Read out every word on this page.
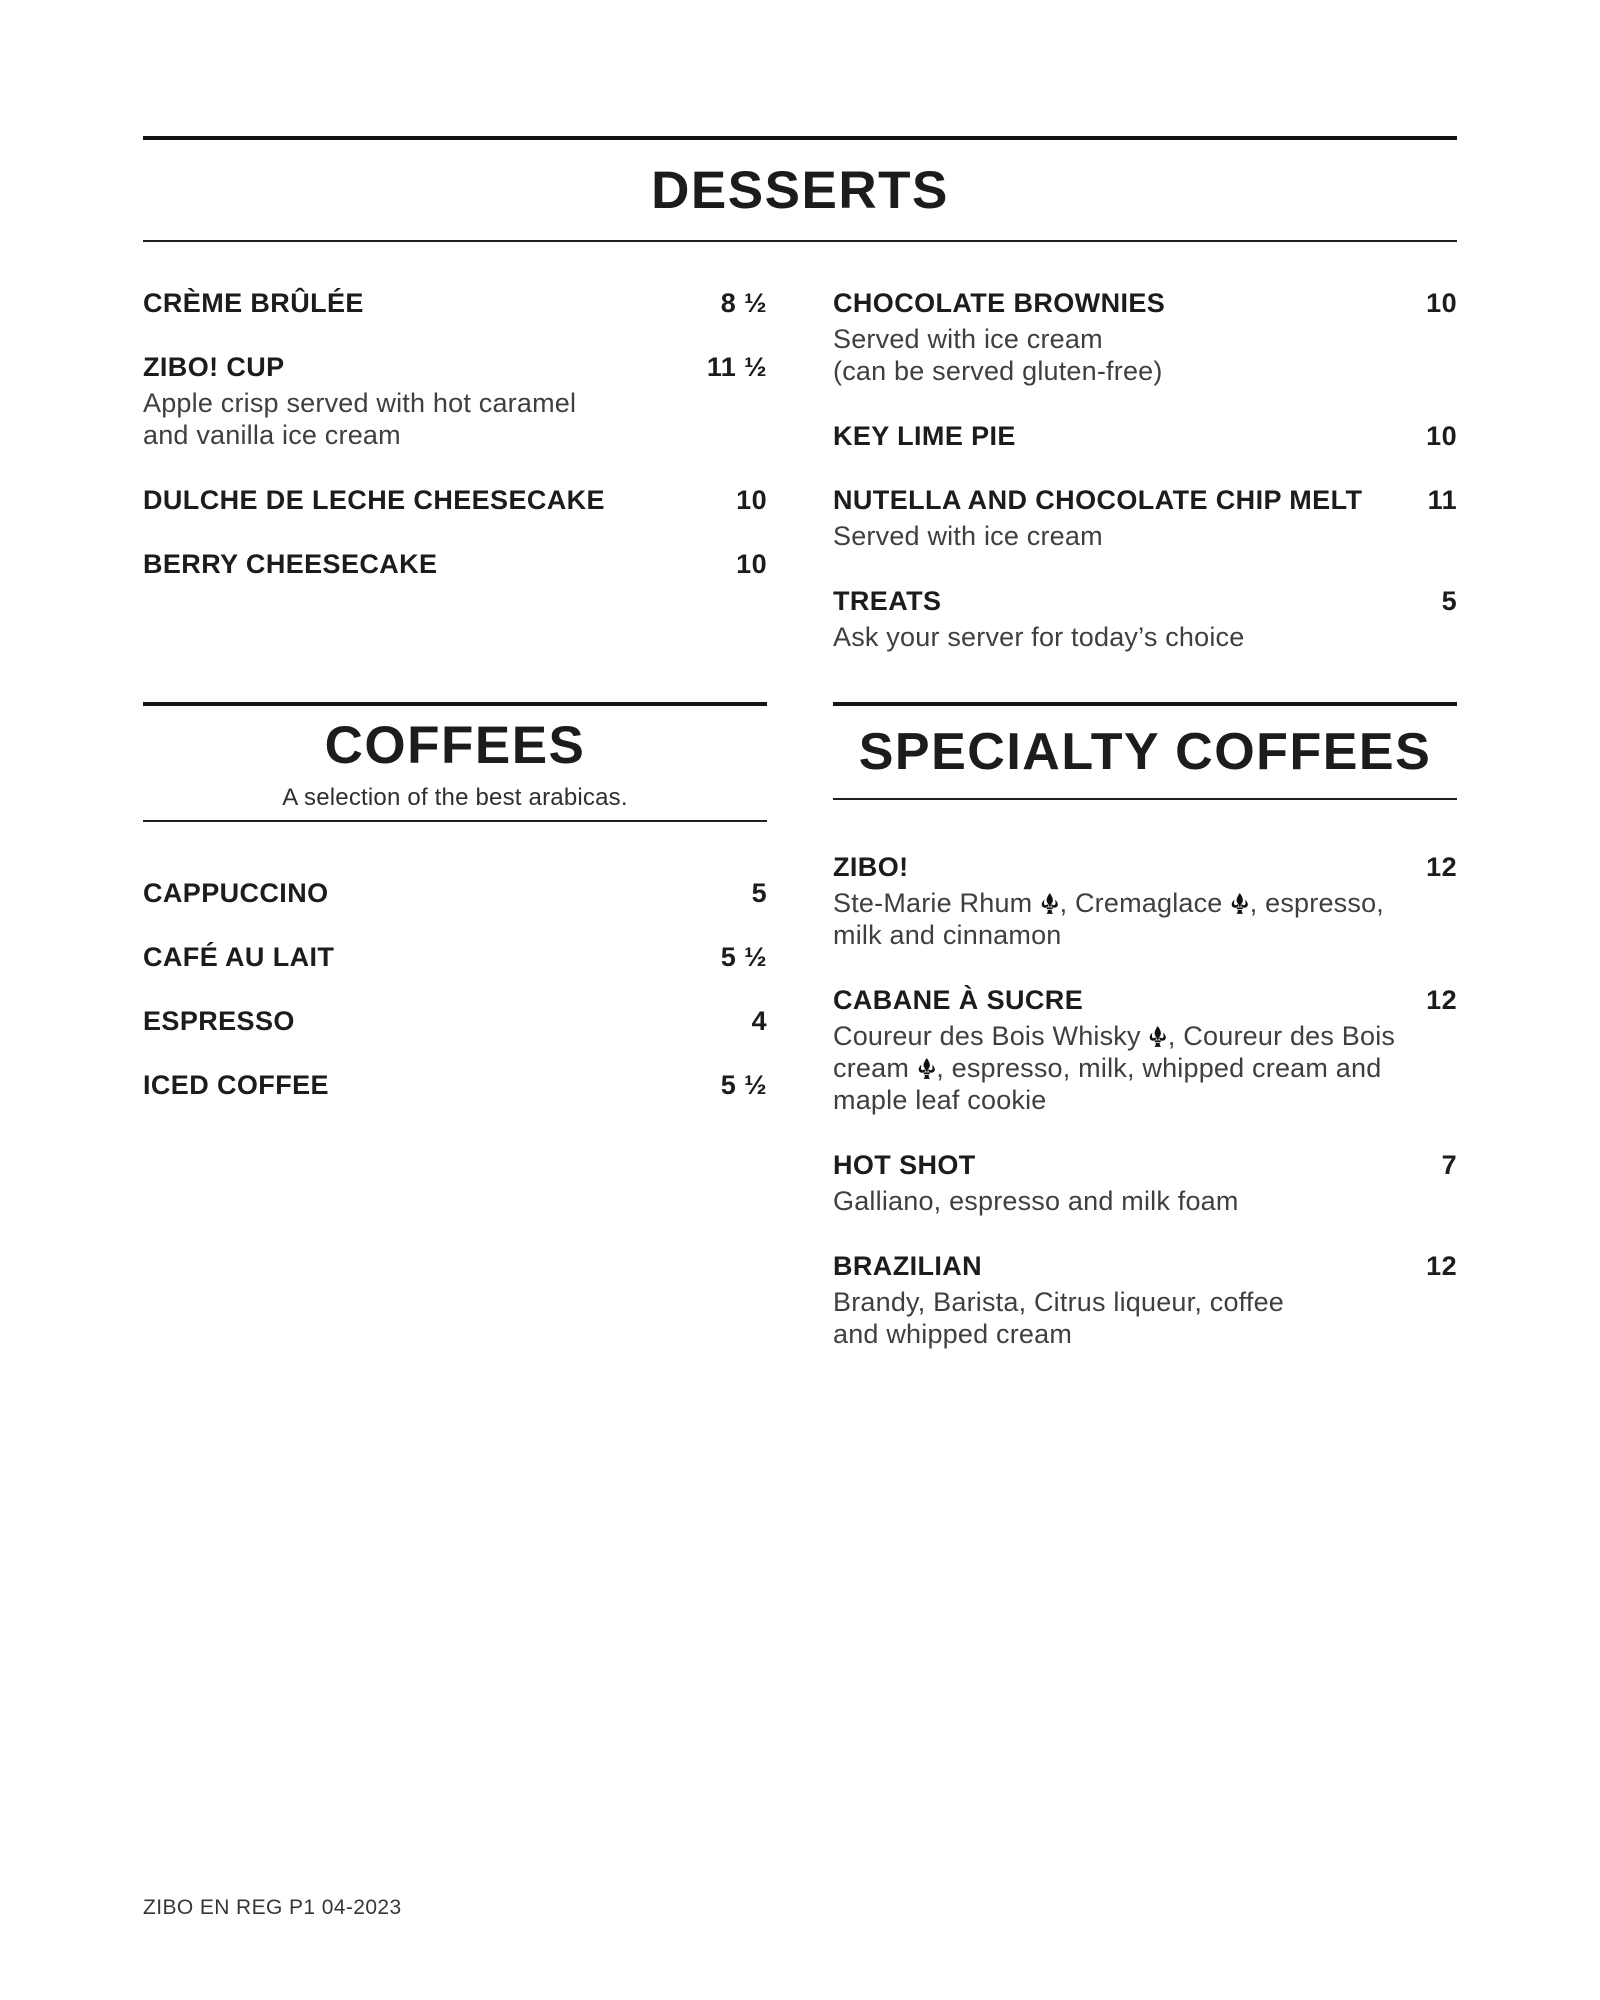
DESSERTS
CRÈME BRÛLÉE	8 ½
ZIBO! CUP	11 ½
Apple crisp served with hot caramel
and vanilla ice cream
DULCHE DE LECHE CHEESECAKE	10
BERRY CHEESECAKE	10
CHOCOLATE BROWNIES	10
Served with ice cream
(can be served gluten-free)
KEY LIME PIE	10
NUTELLA AND CHOCOLATE CHIP MELT	11
Served with ice cream
TREATS	5
Ask your server for today’s choice
COFFEES
A selection of the best arabicas.
CAPPUCCINO	5
CAFÉ AU LAIT	5 ½
ESPRESSO	4
ICED COFFEE	5 ½
SPECIALTY COFFEES
ZIBO!	12
Ste-Marie Rhum , Cremaglace , espresso,
milk and cinnamon
CABANE À SUCRE	12
Coureur des Bois Whisky , Coureur des Bois
cream , espresso, milk, whipped cream and
maple leaf cookie
HOT SHOT	7
Galliano, espresso and milk foam
BRAZILIAN	12
Brandy, Barista, Citrus liqueur, coffee
and whipped cream
ZIBO EN REG P1 04-2023
